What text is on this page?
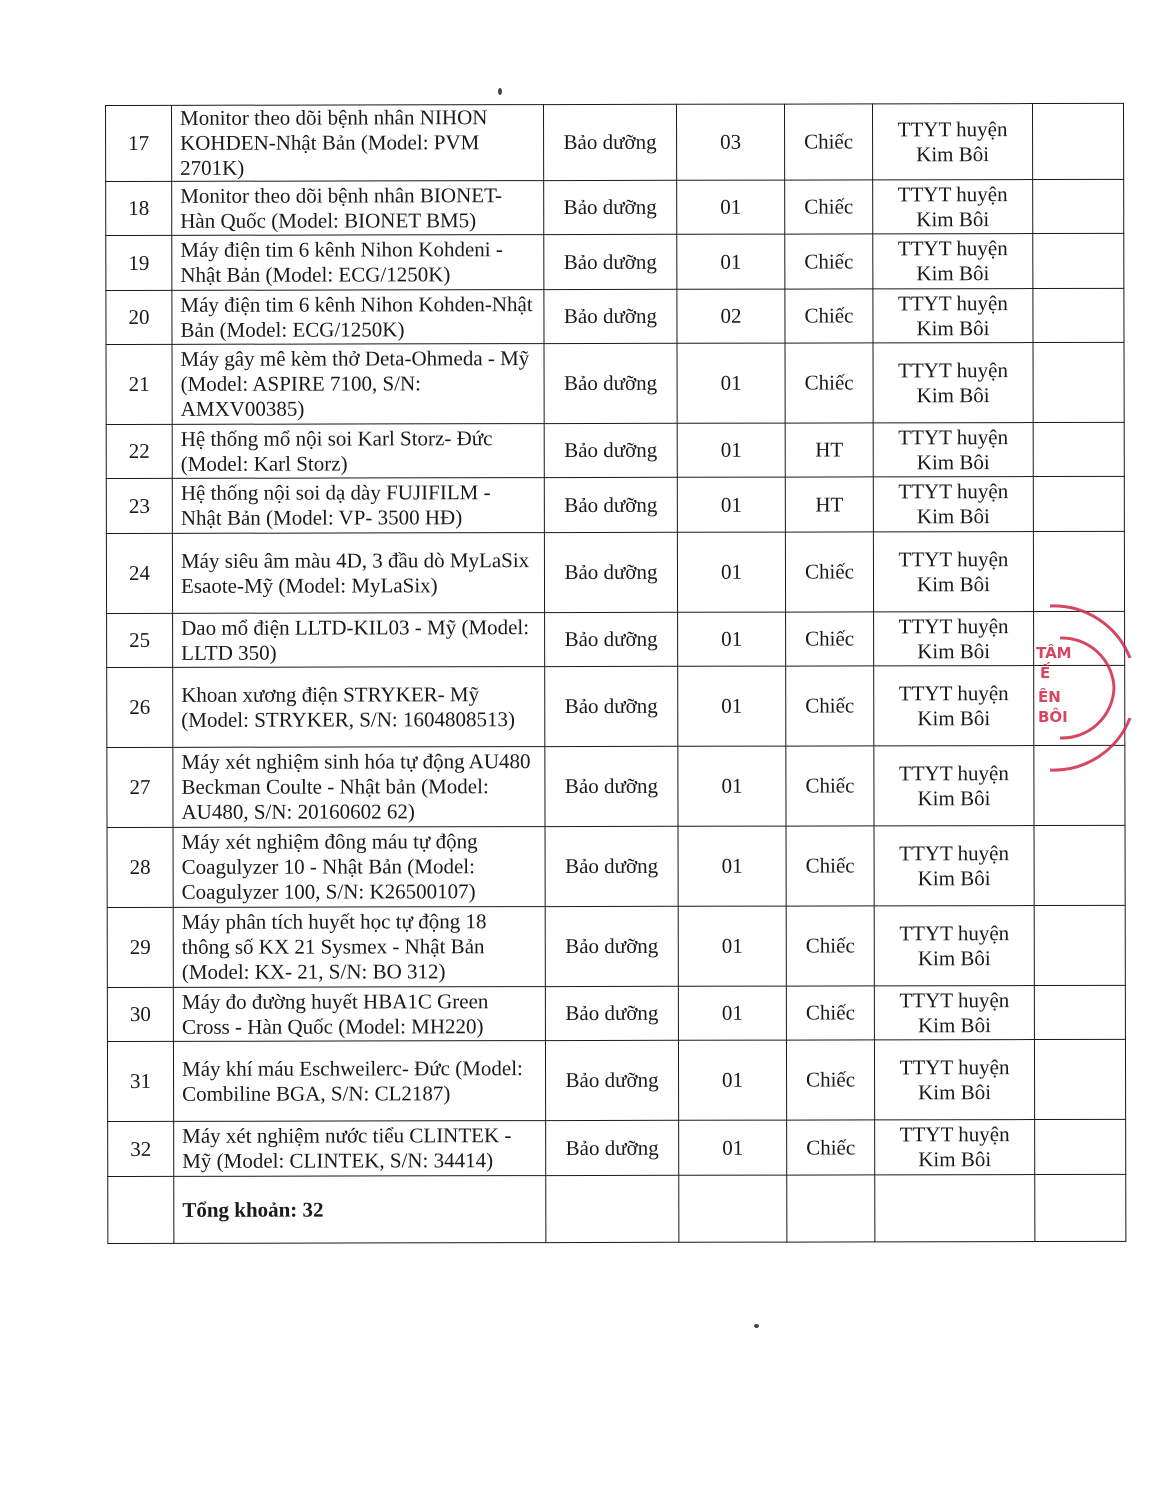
17	Monitor theo dõi bệnh nhân NIHON KOHDEN-Nhật Bản (Model: PVM 2701K)	Bảo dưỡng	03	Chiếc	TTYT huyện Kim Bôi	
18	Monitor theo dõi bệnh nhân BIONET-Hàn Quốc (Model: BIONET BM5)	Bảo dưỡng	01	Chiếc	TTYT huyện Kim Bôi	
19	Máy điện tim 6 kênh Nihon Kohdeni - Nhật Bản (Model: ECG/1250K)	Bảo dưỡng	01	Chiếc	TTYT huyện Kim Bôi	
20	Máy điện tim 6 kênh Nihon Kohden-Nhật Bản (Model: ECG/1250K)	Bảo dưỡng	02	Chiếc	TTYT huyện Kim Bôi	
21	Máy gây mê kèm thở Deta-Ohmeda - Mỹ (Model: ASPIRE 7100, S/N: AMXV00385)	Bảo dưỡng	01	Chiếc	TTYT huyện Kim Bôi	
22	Hệ thống mổ nội soi Karl Storz- Đức (Model: Karl Storz)	Bảo dưỡng	01	HT	TTYT huyện Kim Bôi	
23	Hệ thống nội soi dạ dày FUJIFILM - Nhật Bản (Model: VP- 3500 HĐ)	Bảo dưỡng	01	HT	TTYT huyện Kim Bôi	
24	Máy siêu âm màu 4D, 3 đầu dò MyLaSix Esaote-Mỹ (Model: MyLaSix)	Bảo dưỡng	01	Chiếc	TTYT huyện Kim Bôi	
25	Dao mổ điện LLTD-KIL03 - Mỹ (Model: LLTD 350)	Bảo dưỡng	01	Chiếc	TTYT huyện Kim Bôi	
26	Khoan xương điện STRYKER- Mỹ (Model: STRYKER, S/N: 1604808513)	Bảo dưỡng	01	Chiếc	TTYT huyện Kim Bôi	
27	Máy xét nghiệm sinh hóa tự động AU480 Beckman Coulte - Nhật bản (Model: AU480, S/N: 20160602 62)	Bảo dưỡng	01	Chiếc	TTYT huyện Kim Bôi	
28	Máy xét nghiệm đông máu tự động Coagulyzer 10 - Nhật Bản (Model: Coagulyzer 100, S/N: K26500107)	Bảo dưỡng	01	Chiếc	TTYT huyện Kim Bôi	
29	Máy phân tích huyết học tự động 18 thông số KX 21 Sysmex - Nhật Bản (Model: KX- 21, S/N: BO 312)	Bảo dưỡng	01	Chiếc	TTYT huyện Kim Bôi	
30	Máy đo đường huyết HBA1C Green Cross - Hàn Quốc (Model: MH220)	Bảo dưỡng	01	Chiếc	TTYT huyện Kim Bôi	
31	Máy khí máu Eschweilerc- Đức (Model: Combiline BGA, S/N: CL2187)	Bảo dưỡng	01	Chiếc	TTYT huyện Kim Bôi	
32	Máy xét nghiệm nước tiểu CLINTEK - Mỹ (Model: CLINTEK, S/N: 34414)	Bảo dưỡng	01	Chiếc	TTYT huyện Kim Bôi	
	Tổng khoản: 32					
TÂM
Ế
ÊN
BÔI
